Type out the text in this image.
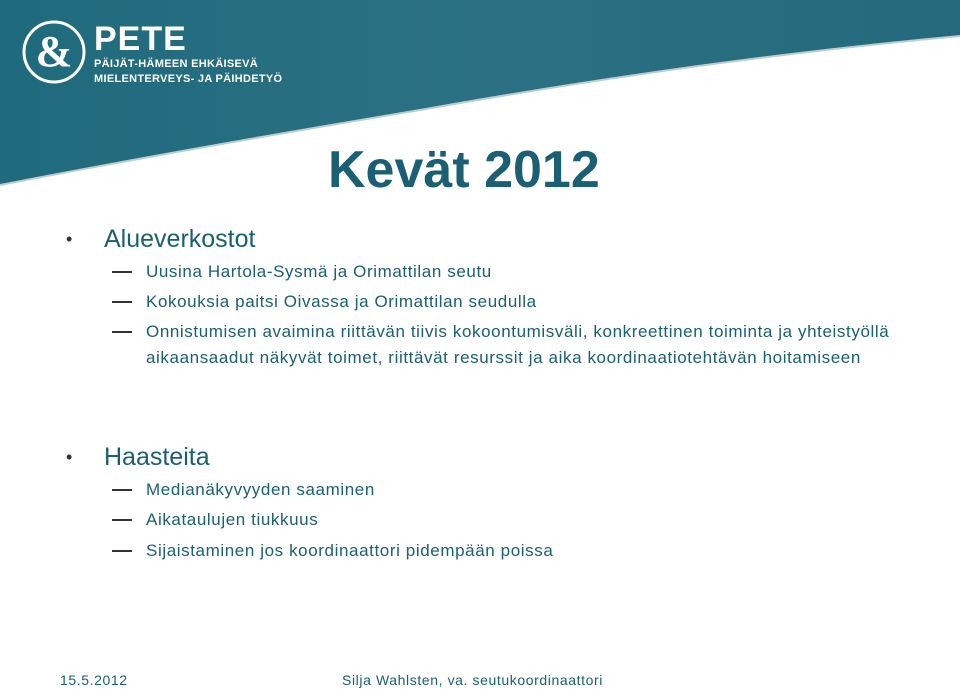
& PETE
PÄIJÄT-HÄMEEN EHKÄISEVÄ
MIELENTERVEYS- JA PÄIHDETYÖ
Kevät 2012
• Alueverkostot
Uusina Hartola-Sysmä ja Orimattilan seutu
Kokouksia paitsi Oivassa ja Orimattilan seudulla
Onnistumisen avaimina riittävän tiivis kokoontumisväli, konkreettinen toiminta ja yhteistyöllä aikaansaadut näkyvät toimet, riittävät resurssit ja aika koordinaatiotehtävän hoitamiseen
• Haasteita
Medianäkyvyyden saaminen
Aikataulujen tiukkuus
Sijaistaminen jos koordinaattori pidempään poissa
15.5.2012	Silja Wahlsten, va. seutukoordinaattori
